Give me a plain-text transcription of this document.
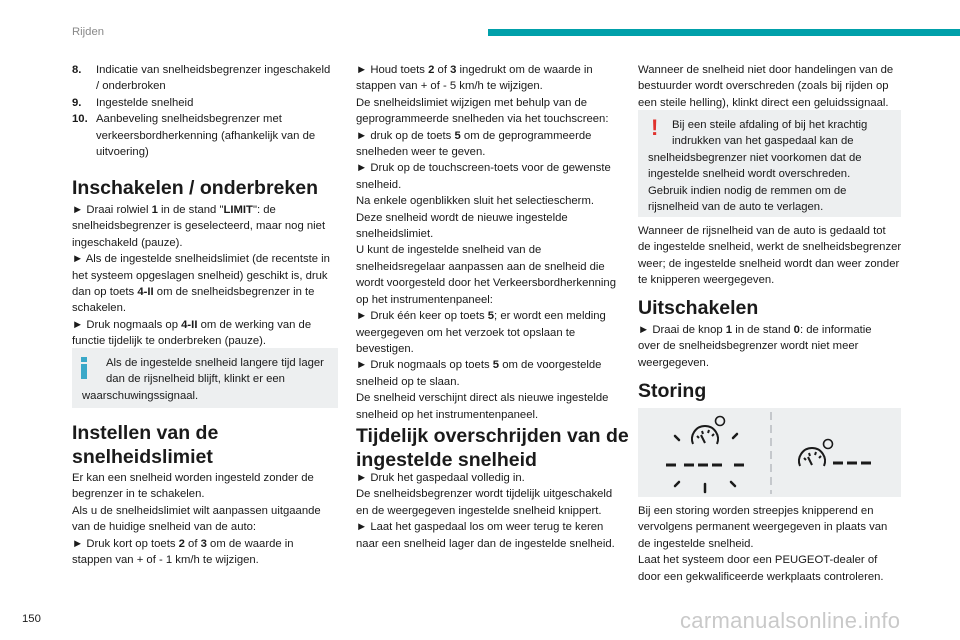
Rijden
8.	Indicatie van snelheidsbegrenzer ingeschakeld
/ onderbroken
9.	Ingestelde snelheid
10. Aanbeveling snelheidsbegrenzer met
verkeersbordherkenning (afhankelijk van de
uitvoering)
Inschakelen / onderbreken
► Draai rolwiel 1 in de stand "LIMIT": de
snelheidsbegrenzer is geselecteerd, maar nog niet
ingeschakeld (pauze).
► Als de ingestelde snelheidslimiet (de recentste in
het systeem opgeslagen snelheid) geschikt is, druk
dan op toets 4-II om de snelheidsbegrenzer in te
schakelen.
► Druk nogmaals op 4-II om de werking van de
functie tijdelijk te onderbreken (pauze).
Als de ingestelde snelheid langere tijd lager
dan de rijsnelheid blijft, klinkt er een
waarschuwingssignaal.
Instellen van de
snelheidslimiet
Er kan een snelheid worden ingesteld zonder de
begrenzer in te schakelen.
Als u de snelheidslimiet wilt aanpassen uitgaande
van de huidige snelheid van de auto:
► Druk kort op toets 2 of 3 om de waarde in
stappen van + of - 1 km/h te wijzigen.
► Houd toets 2 of 3 ingedrukt om de waarde in
stappen van + of - 5 km/h te wijzigen.
De snelheidslimiet wijzigen met behulp van de
geprogrammeerde snelheden via het touchscreen:
► druk op de toets 5 om de geprogrammeerde
snelheden weer te geven.
► Druk op de touchscreen-toets voor de gewenste
snelheid.
Na enkele ogenblikken sluit het selectiescherm.
Deze snelheid wordt de nieuwe ingestelde
snelheidslimiet.
U kunt de ingestelde snelheid van de
snelheidsregelaar aanpassen aan de snelheid die
wordt voorgesteld door het Verkeersbordherkenning
op het instrumentenpaneel:
► Druk één keer op toets 5; er wordt een melding
weergegeven om het verzoek tot opslaan te
bevestigen.
► Druk nogmaals op toets 5 om de voorgestelde
snelheid op te slaan.
De snelheid verschijnt direct als nieuwe ingestelde
snelheid op het instrumentenpaneel.
Tijdelijk overschrijden van de
ingestelde snelheid
► Druk het gaspedaal volledig in.
De snelheidsbegrenzer wordt tijdelijk uitgeschakeld
en de weergegeven ingestelde snelheid knippert.
► Laat het gaspedaal los om weer terug te keren
naar een snelheid lager dan de ingestelde snelheid.
Wanneer de snelheid niet door handelingen van de
bestuurder wordt overschreden (zoals bij rijden op
een steile helling), klinkt direct een geluidssignaal.
!	Bij een steile afdaling of bij het krachtig
indrukken van het gaspedaal kan de
snelheidsbegrenzer niet voorkomen dat de
ingestelde snelheid wordt overschreden.
Gebruik indien nodig de remmen om de
rijsnelheid van de auto te verlagen.
Wanneer de rijsnelheid van de auto is gedaald tot
de ingestelde snelheid, werkt de snelheidsbegrenzer
weer; de ingestelde snelheid wordt dan weer zonder
te knipperen weergegeven.
Uitschakelen
► Draai de knop 1 in de stand 0: de informatie
over de snelheidsbegrenzer wordt niet meer
weergegeven.
Storing
Bij een storing worden streepjes knipperend en
vervolgens permanent weergegeven in plaats van
de ingestelde snelheid.
Laat het systeem door een PEUGEOT-dealer of
door een gekwalificeerde werkplaats controleren.
150	carmanualsonline.info
